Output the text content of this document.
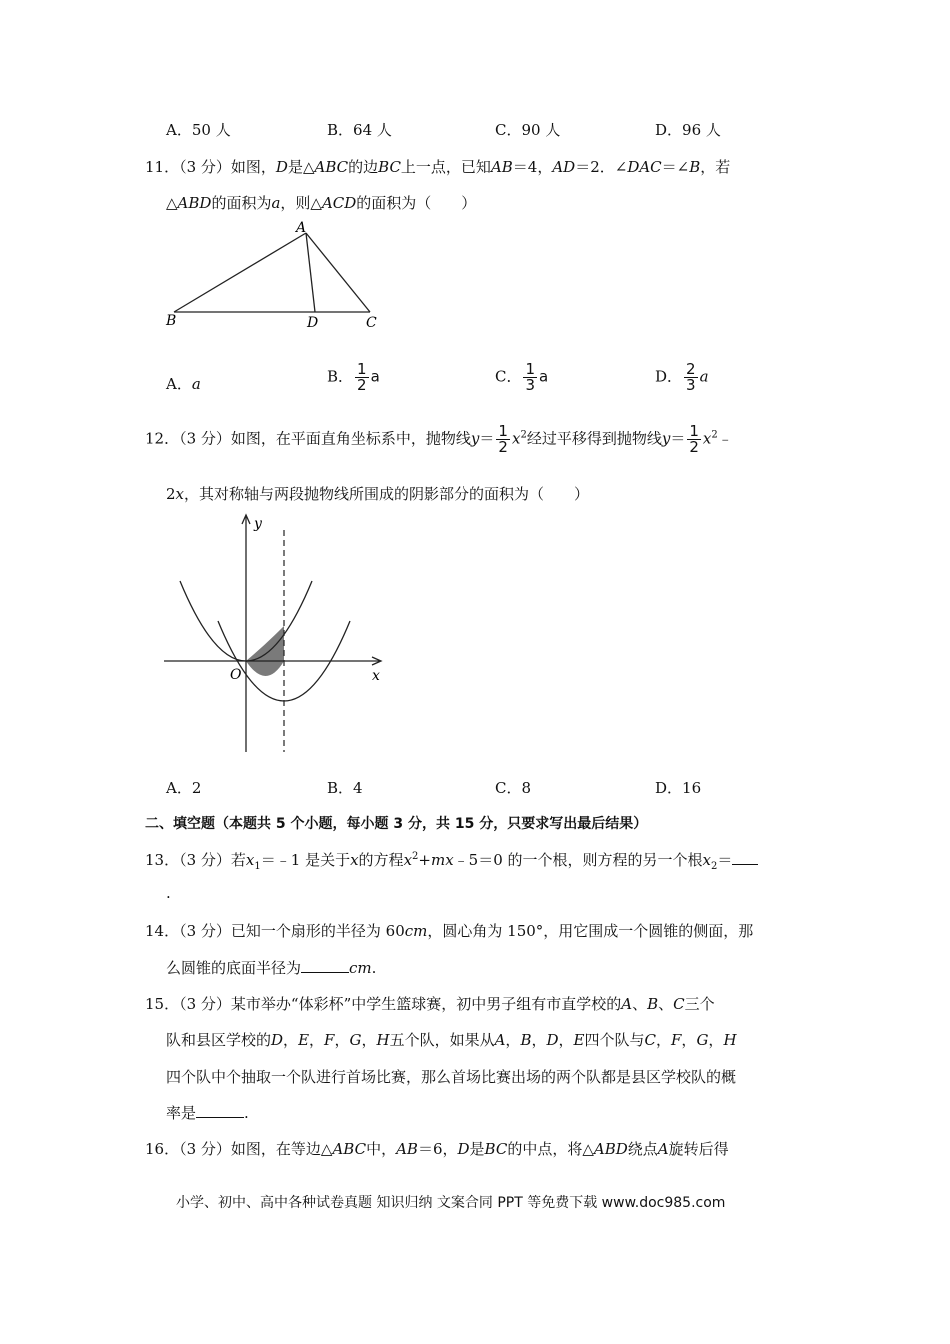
A．50 人	B．64 人	C．90 人	D．96 人
11．（3 分）如图，D是△ABC的边BC上一点，已知AB＝4，AD＝2．∠DAC＝∠B，若
△ABD的面积为a，则△ACD的面积为（　　）
A
B	D	C
A．a	B． $\frac{1}{2}$ a	C． $\frac{1}{3}$ a	D． $\frac{2}{3}$ a
12．（3 分）如图，在平面直角坐标系中，抛物线$y= \frac{1}{2} x^2$经过平移得到抛物线$y= \frac{1}{2}$ $x^2﹣$
2x，其对称轴与两段抛物线所围成的阴影部分的面积为（　　）
y
x
O
A．2	B．4	C．8	D．16
二、填空题（本题共 5 个小题，每小题 3 分，共 15 分，只要求写出最后结果）
13．（3 分）若$x_1=﹣1$ 是关于x的方程$x^2+mx﹣5=0$ 的一个根，则方程的另一个根$x_2=$
.
14．（3 分）已知一个扇形的半径为 60cm，圆心角为 150°，用它围成一个圆锥的侧面，那
么圆锥的底面半径为	cm.
15．（3 分）某市举办“体彩杯”中学生篮球赛，初中男子组有市直学校的A、B、C三个
队和县区学校的D，E，F，G，H五个队，如果从A，B，D，E四个队与C，F，G，H
四个队中个抽取一个队进行首场比赛，那么首场比赛出场的两个队都是县区学校队的概
率是	.
16．（3 分）如图，在等边△ABC中，AB＝6，D是BC的中点，将△ABD绕点A旋转后得
小学、初中、高中各种试卷真题 知识归纳 文案合同 PPT 等免费下载 www.doc985.com
